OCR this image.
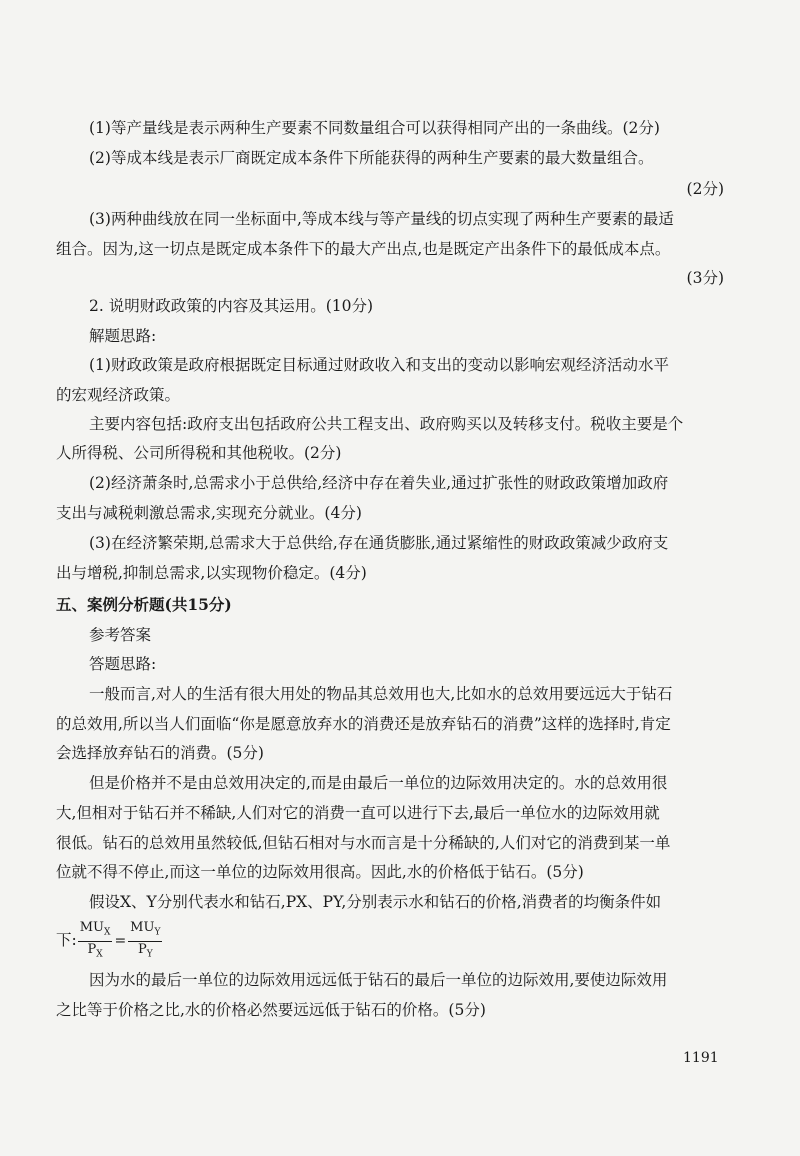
(1)等产量线是表示两种生产要素不同数量组合可以获得相同产出的一条曲线。(2分)
(2)等成本线是表示厂商既定成本条件下所能获得的两种生产要素的最大数量组合。
(2分)
(3)两种曲线放在同一坐标面中,等成本线与等产量线的切点实现了两种生产要素的最适
组合。因为,这一切点是既定成本条件下的最大产出点,也是既定产出条件下的最低成本点。
(3分)
2. 说明财政政策的内容及其运用。(10分)
解题思路:
(1)财政政策是政府根据既定目标通过财政收入和支出的变动以影响宏观经济活动水平
的宏观经济政策。
主要内容包括:政府支出包括政府公共工程支出、政府购买以及转移支付。税收主要是个
人所得税、公司所得税和其他税收。(2分)
(2)经济萧条时,总需求小于总供给,经济中存在着失业,通过扩张性的财政政策增加政府
支出与减税刺激总需求,实现充分就业。(4分)
(3)在经济繁荣期,总需求大于总供给,存在通货膨胀,通过紧缩性的财政政策减少政府支
出与增税,抑制总需求,以实现物价稳定。(4分)
五、案例分析题(共15分)
参考答案
答题思路:
一般而言,对人的生活有很大用处的物品其总效用也大,比如水的总效用要远远大于钻石
的总效用,所以当人们面临“你是愿意放弃水的消费还是放弃钻石的消费”这样的选择时,肯定
会选择放弃钻石的消费。(5分)
但是价格并不是由总效用决定的,而是由最后一单位的边际效用决定的。水的总效用很
大,但相对于钻石并不稀缺,人们对它的消费一直可以进行下去,最后一单位水的边际效用就
很低。钻石的总效用虽然较低,但钻石相对与水而言是十分稀缺的,人们对它的消费到某一单
位就不得不停止,而这一单位的边际效用很高。因此,水的价格低于钻石。(5分)
假设X、Y分别代表水和钻石,PX、PY,分别表示水和钻石的价格,消费者的均衡条件如
下: $\frac{MU_X}{P_X} = \frac{MU_Y}{P_Y}$
因为水的最后一单位的边际效用远远低于钻石的最后一单位的边际效用,要使边际效用
之比等于价格之比,水的价格必然要远远低于钻石的价格。(5分)
1191
